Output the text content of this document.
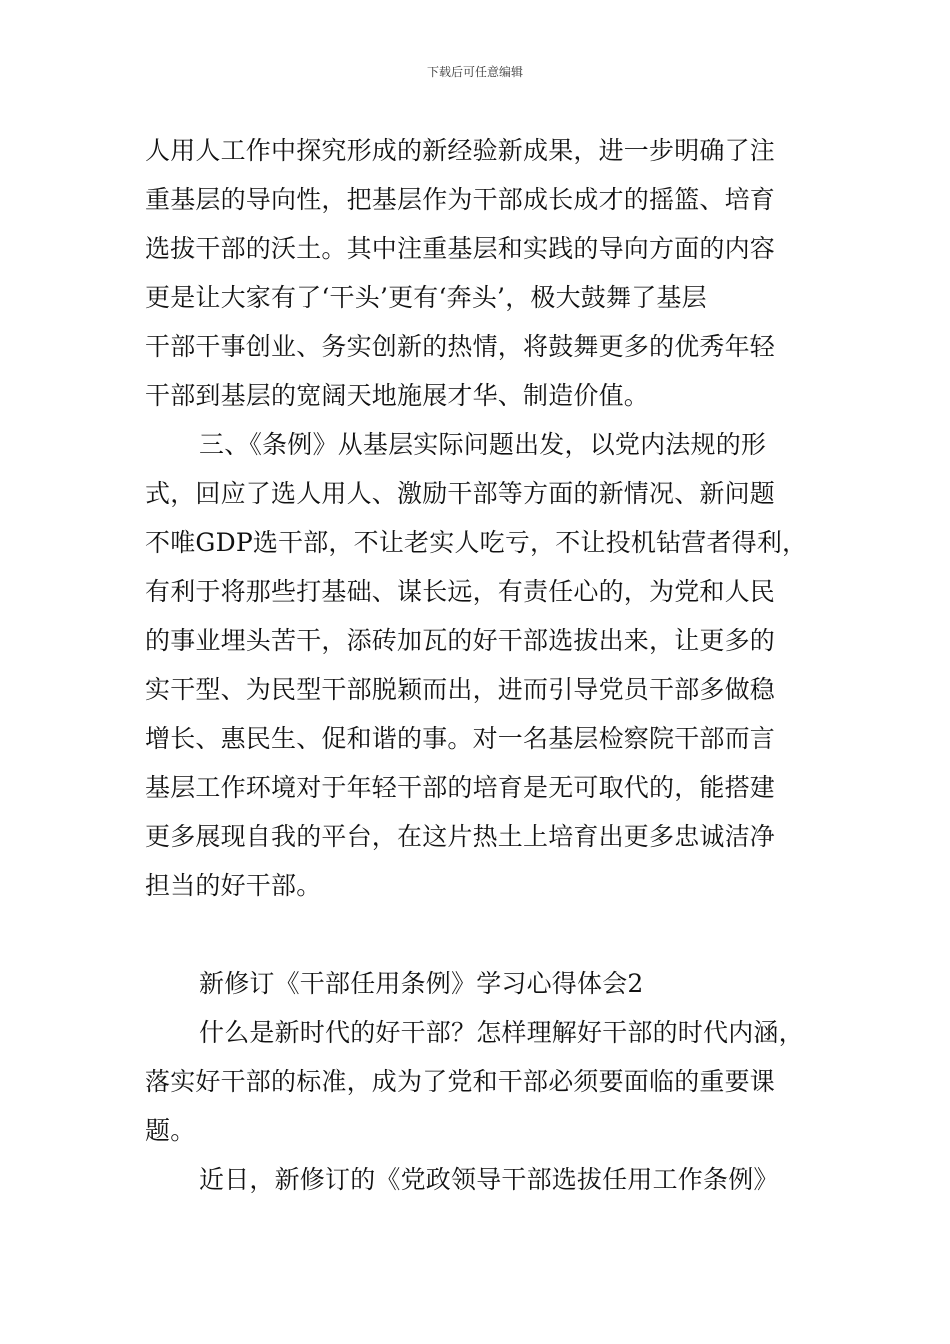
下载后可任意编辑
人用人工作中探究形成的新经验新成果，进一步明确了注
重基层的导向性，把基层作为干部成长成才的摇篮、培育
选拔干部的沃土。其中注重基层和实践的导向方面的内容
更是让大家有了‘干头’更有‘奔头’，极大鼓舞了基层
干部干事创业、务实创新的热情，将鼓舞更多的优秀年轻
干部到基层的宽阔天地施展才华、制造价值。
三、《条例》从基层实际问题出发，以党内法规的形
式，回应了选人用人、激励干部等方面的新情况、新问题
不唯GDP选干部，不让老实人吃亏，不让投机钻营者得利，
有利于将那些打基础、谋长远，有责任心的，为党和人民
的事业埋头苦干，添砖加瓦的好干部选拔出来，让更多的
实干型、为民型干部脱颖而出，进而引导党员干部多做稳
增长、惠民生、促和谐的事。对一名基层检察院干部而言
基层工作环境对于年轻干部的培育是无可取代的，能搭建
更多展现自我的平台，在这片热土上培育出更多忠诚洁净
担当的好干部。
新修订《干部任用条例》学习心得体会2
什么是新时代的好干部？怎样理解好干部的时代内涵，
落实好干部的标准，成为了党和干部必须要面临的重要课
题。
近日，新修订的《党政领导干部选拔任用工作条例》
